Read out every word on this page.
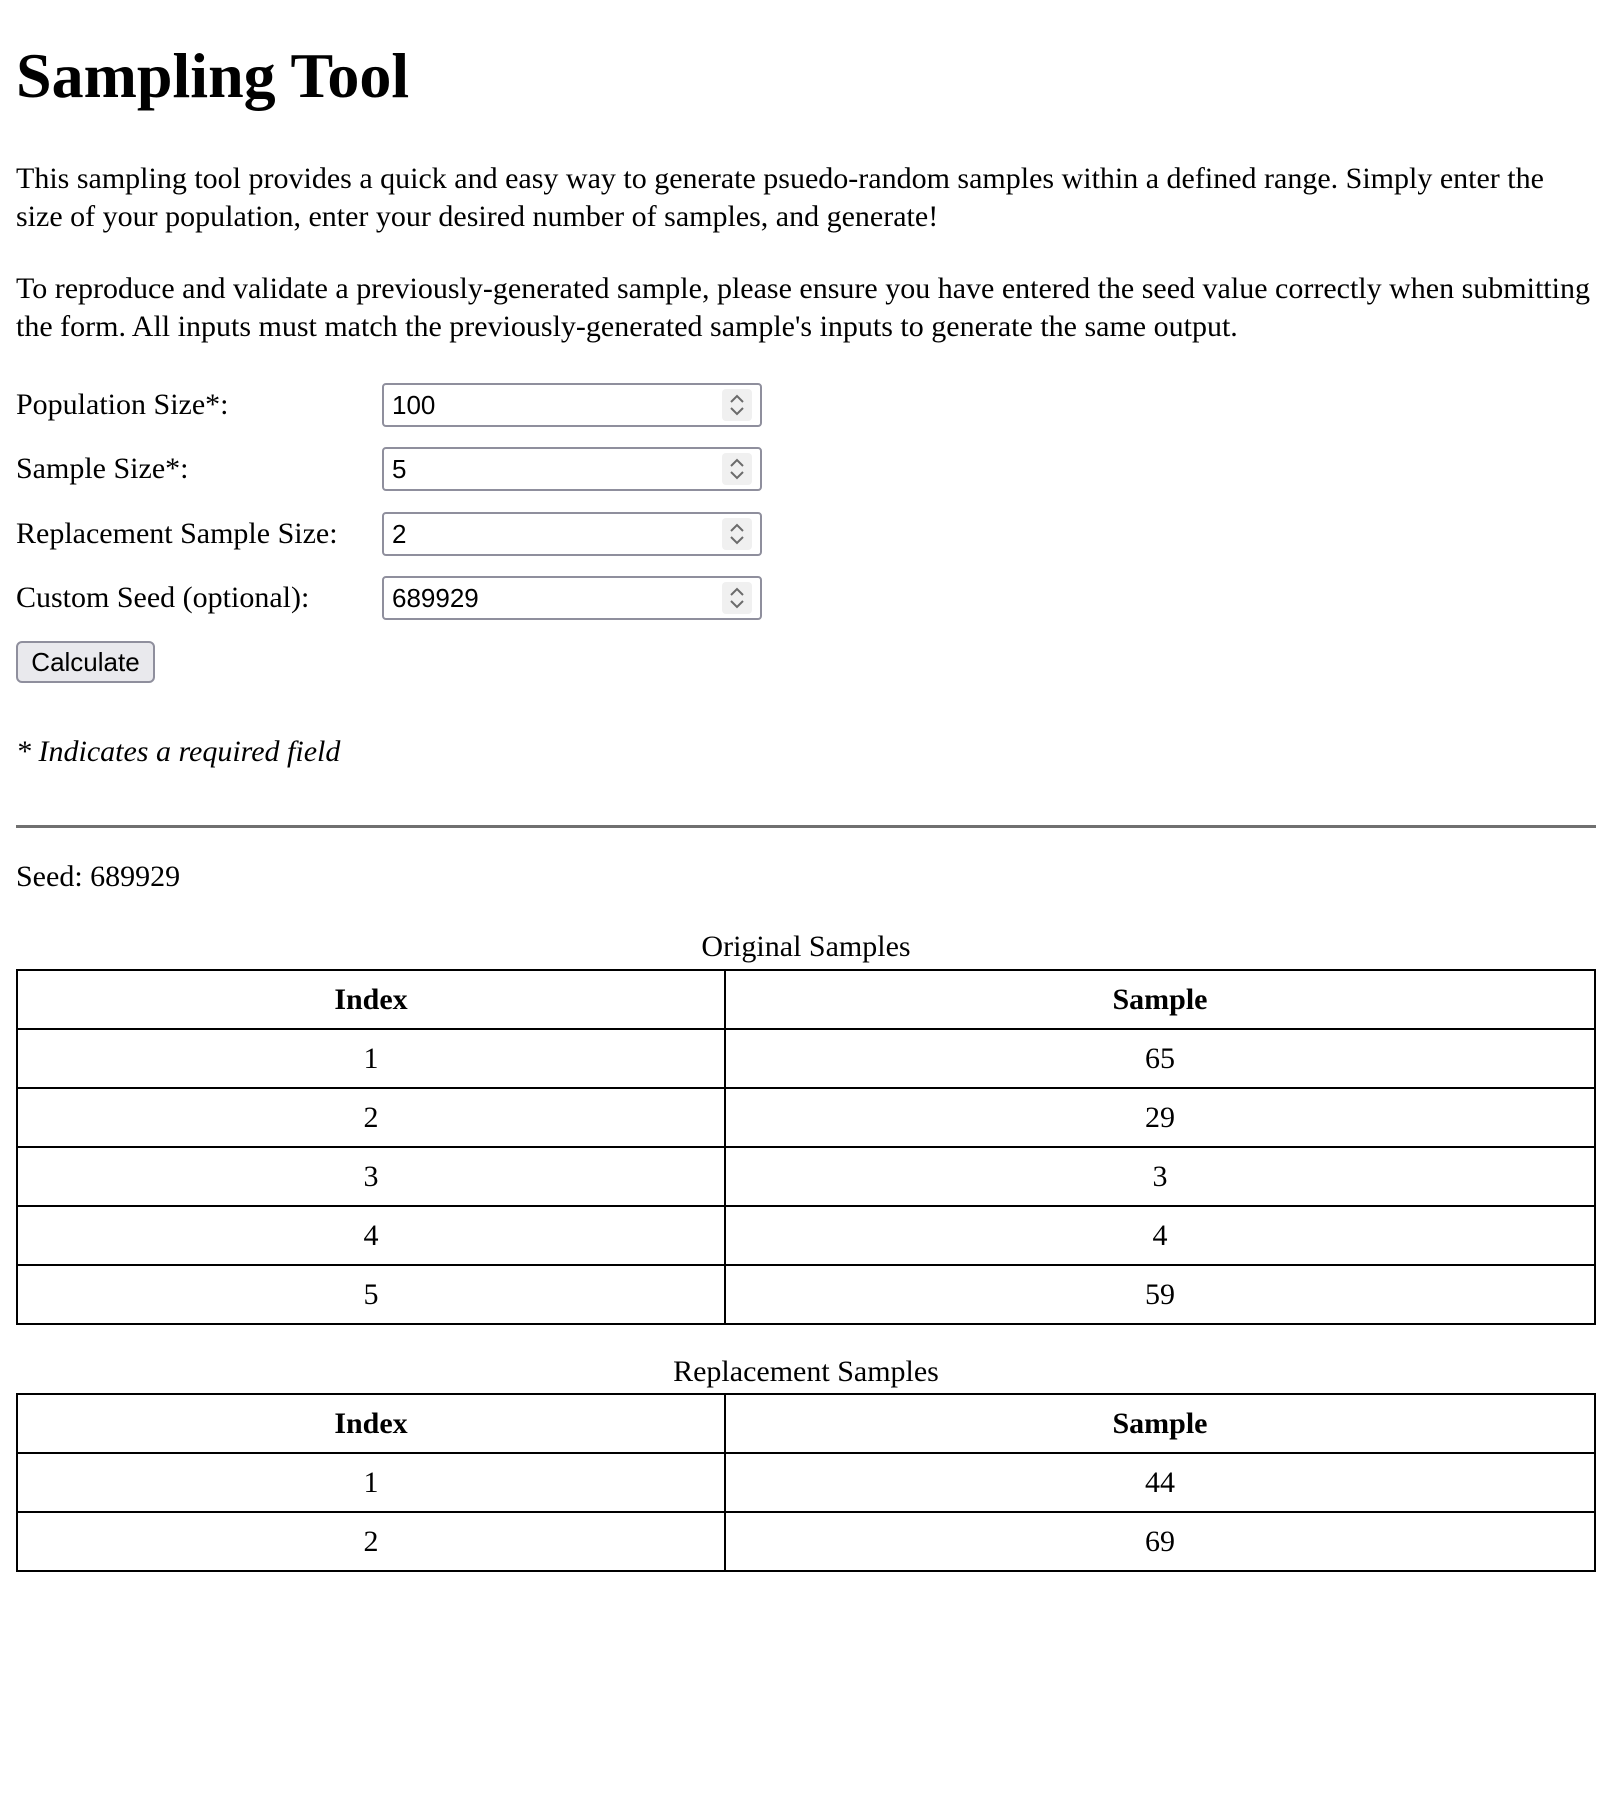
Sampling Tool

This sampling tool provides a quick and easy way to generate psuedo-random samples within a defined range. Simply enter the size of your population, enter your desired number of samples, and generate!

To reproduce and validate a previously-generated sample, please ensure you have entered the seed value correctly when submitting the form. All inputs must match the previously-generated sample's inputs to generate the same output.

Population Size*:	100
Sample Size*:	5
Replacement Sample Size: 2
Custom Seed (optional):	689929
Calculate
* Indicates a required field
Seed: 689929
Original Samples
Index	Sample
1	65
2	29
3	3
4	4
5	59
Replacement Samples
Index	Sample
1	44
2	69
